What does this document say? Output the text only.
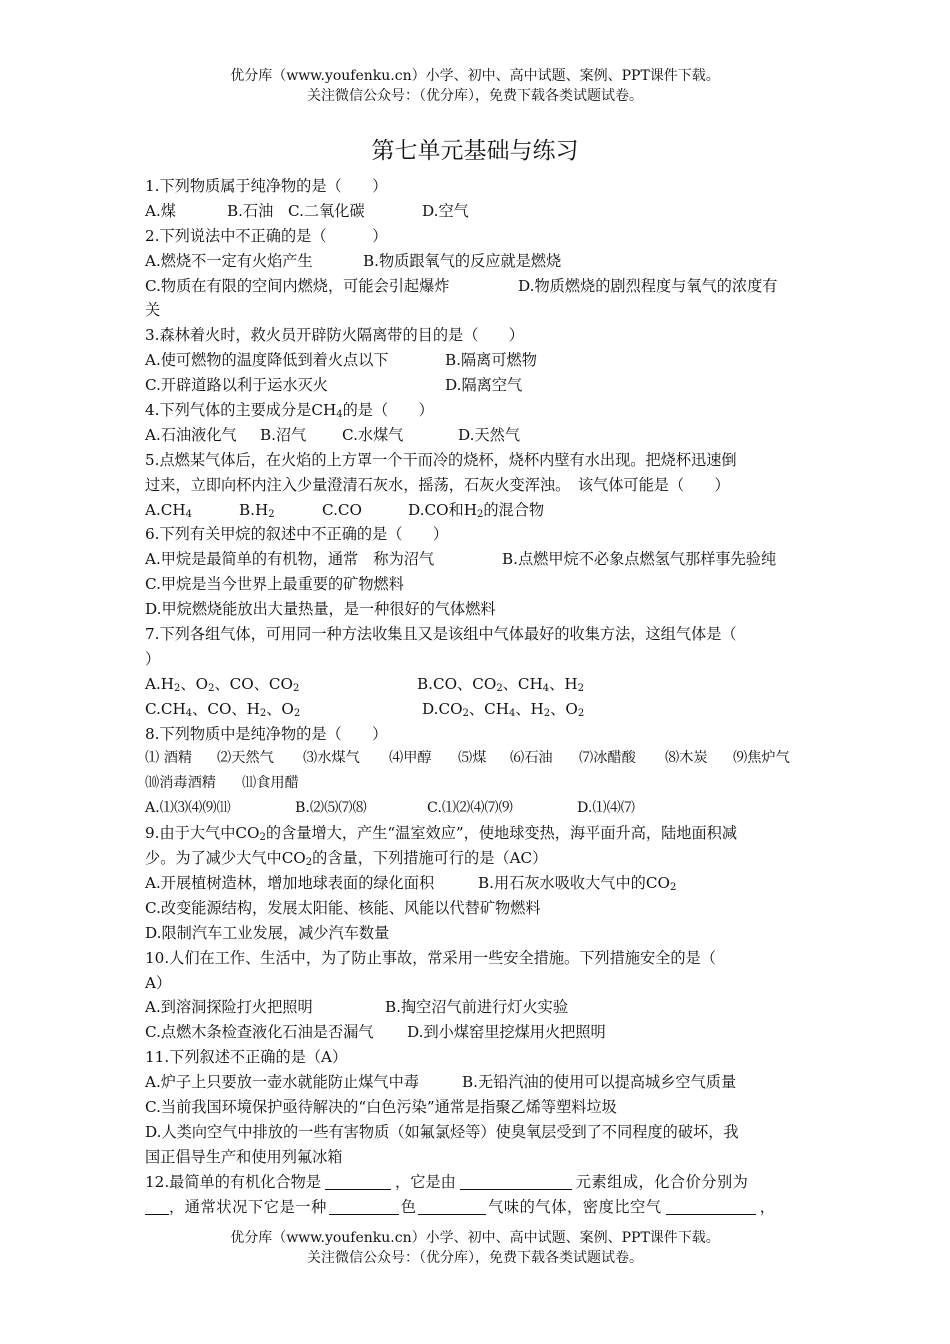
优分库（www.youfenku.cn）小学、初中、高中试题、案例、PPT课件下载。
关注微信公众号：（优分库），免费下载各类试题试卷。
第七单元基础与练习
1.下列物质属于纯净物的是（　　）
A.煤	B.石油 C.二氧化碳	D.空气
2.下列说法中不正确的是（　　　）
A.燃烧不一定有火焰产生	B.物质跟氧气的反应就是燃烧
C.物质在有限的空间内燃烧，可能会引起爆炸	D.物质燃烧的剧烈程度与氧气的浓度有
关
3.森林着火时，救火员开辟防火隔离带的目的是（　　）
A.使可燃物的温度降低到着火点以下	B.隔离可燃物
C.开辟道路以利于运水灭火	D.隔离空气
4.下列气体的主要成分是$CH_4$的是（　　）
A.石油液化气 B.沼气 C.水煤气	D.天然气
5.点燃某气体后，在火焰的上方罩一个干而冷的烧杯，烧杯内壁有水出现。把烧杯迅速倒
过来，立即向杯内注入少量澄清石灰水，摇荡，石灰火变浑浊。　该气体可能是（　　）
$A.CH_4$	$B.H_2$	C.CO	D.CO和$H_2$的混合物
6.下列有关甲烷的叙述中不正确的是（　　）
A.甲烷是最简单的有机物，通常　称为沼气	B.点燃甲烷不必象点燃氢气那样事先验纯
C.甲烷是当今世界上最重要的矿物燃料
D.甲烷燃烧能放出大量热量，是一种很好的气体燃料
7.下列各组气体，可用同一种方法收集且又是该组中气体最好的收集方法，这组气体是（
）
$A.H_2$、$O_2$、CO、$CO_2$	B.CO、$CO_2$、$CH_4$、$H_2$
$C.CH_4$、CO、$H_2$、$O_2$	$D.CO_2$、$CH_4$、$H_2$、$O_2$
8.下列物质中是纯净物的是（　　）
⑴ 酒精 ⑵天然气 ⑶水煤气 ⑷甲醇 ⑸煤 ⑹石油 ⑺冰醋酸 ⑻木炭 ⑼焦炉气
⑽消毒酒精 ⑾食用醋
A.⑴⑶⑷⑼⑾	B.⑵⑸⑺⑻	C.⑴⑵⑷⑺⑼	D.⑴⑷⑺
9.由于大气中$CO_2$的含量增大，产生“温室效应”，使地球变热，海平面升高，陆地面积减
少。为了减少大气中$CO_2$的含量，下列措施可行的是（AC）
A.开展植树造林，增加地球表面的绿化面积	B.用石灰水吸收大气中的$CO_2$
C.改变能源结构，发展太阳能、核能、风能以代替矿物燃料
D.限制汽车工业发展，减少汽车数量
10.人们在工作、生活中，为了防止事故，常采用一些安全措施。下列措施安全的是（
A）
A.到溶洞探险打火把照明	B.掏空沼气前进行灯火实验
C.点燃木条检查液化石油是否漏气 D.到小煤窑里挖煤用火把照明
11.下列叙述不正确的是（A）
A.炉子上只要放一壶水就能防止煤气中毒	B.无铅汽油的使用可以提高城乡空气质量
C.当前我国环境保护亟待解决的“白色污染”通常是指聚乙烯等塑料垃圾
D.人类向空气中排放的一些有害物质（如氟氯烃等）使臭氧层受到了不同程度的破坏，我
国正倡导生产和使用列氟冰箱
12.最简单的有机化合物是	，它是由	元素组成，化合价分别为
，通常状况下它是一种	色	气味的气体，密度比空气	，
优分库（www.youfenku.cn）小学、初中、高中试题、案例、PPT课件下载。
关注微信公众号：（优分库），免费下载各类试题试卷。
